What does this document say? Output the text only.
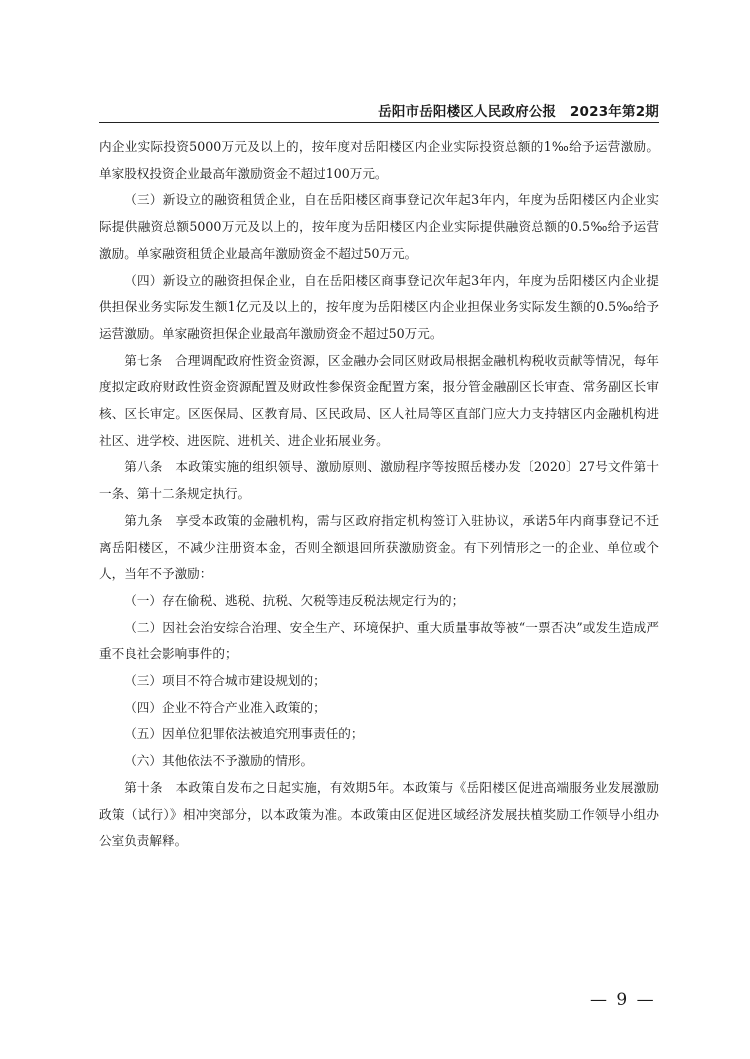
岳阳市岳阳楼区人民政府公报　2023年第2期

内企业实际投资5000万元及以上的，按年度对岳阳楼区内企业实际投资总额的1‰给予运营激励。单家股权投资企业最高年激励资金不超过100万元。

（三）新设立的融资租赁企业，自在岳阳楼区商事登记次年起3年内，年度为岳阳楼区内企业实际提供融资总额5000万元及以上的，按年度为岳阳楼区内企业实际提供融资总额的0.5‰给予运营激励。单家融资租赁企业最高年激励资金不超过50万元。

（四）新设立的融资担保企业，自在岳阳楼区商事登记次年起3年内，年度为岳阳楼区内企业提供担保业务实际发生额1亿元及以上的，按年度为岳阳楼区内企业担保业务实际发生额的0.5‰给予运营激励。单家融资担保企业最高年激励资金不超过50万元。

第七条　合理调配政府性资金资源，区金融办会同区财政局根据金融机构税收贡献等情况，每年度拟定政府财政性资金资源配置及财政性参保资金配置方案，报分管金融副区长审查、常务副区长审核、区长审定。区医保局、区教育局、区民政局、区人社局等区直部门应大力支持辖区内金融机构进社区、进学校、进医院、进机关、进企业拓展业务。

第八条　本政策实施的组织领导、激励原则、激励程序等按照岳楼办发〔2020〕27号文件第十一条、第十二条规定执行。

第九条　享受本政策的金融机构，需与区政府指定机构签订入驻协议，承诺5年内商事登记不迁离岳阳楼区，不减少注册资本金，否则全额退回所获激励资金。有下列情形之一的企业、单位或个人，当年不予激励：

（一）存在偷税、逃税、抗税、欠税等违反税法规定行为的；

（二）因社会治安综合治理、安全生产、环境保护、重大质量事故等被“一票否决”或发生造成严重不良社会影响事件的；

（三）项目不符合城市建设规划的；

（四）企业不符合产业准入政策的；

（五）因单位犯罪依法被追究刑事责任的；

（六）其他依法不予激励的情形。

第十条　本政策自发布之日起实施，有效期5年。本政策与《岳阳楼区促进高端服务业发展激励政策（试行）》相冲突部分，以本政策为准。本政策由区促进区域经济发展扶植奖励工作领导小组办公室负责解释。

— 9 —
